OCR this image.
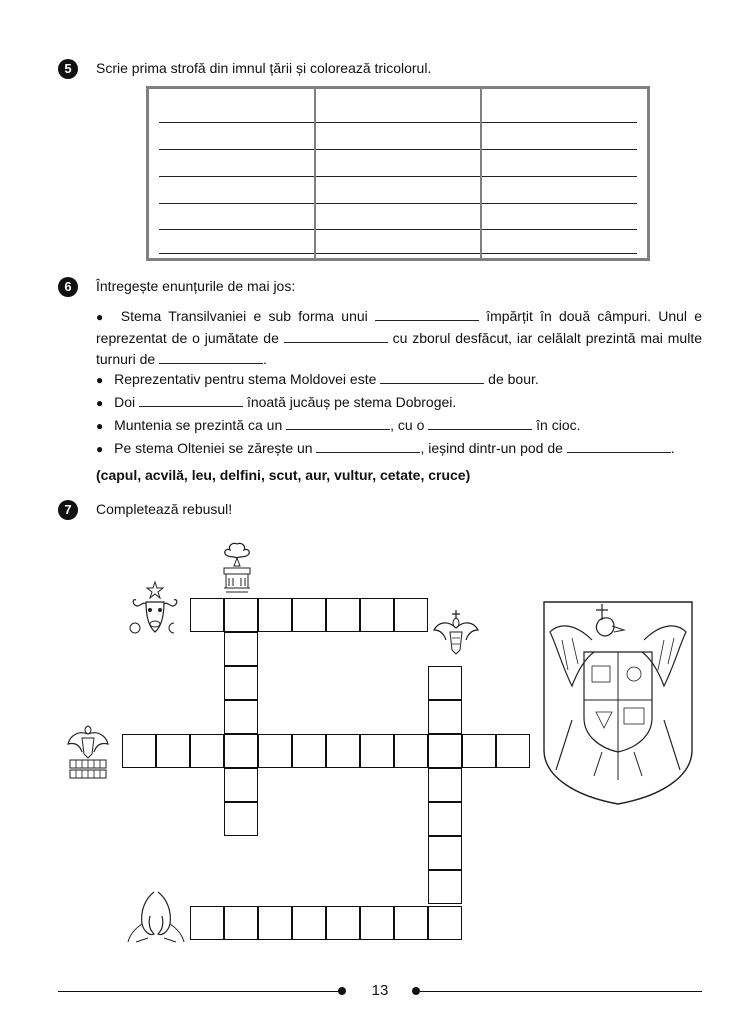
5	Scrie prima strofă din imnul țării și colorează tricolorul.
6	Întregește enunțurile de mai jos:
● Stema Transilvaniei e sub forma unui	împărțit în două câmpuri. Unul e reprezentat de o jumătate de	cu zborul desfăcut, iar celălalt prezintă mai multe turnuri de	.
● Reprezentativ pentru stema Moldovei este	de bour.
● Doi	înoată jucăuș pe stema Dobrogei.
● Muntenia se prezintă ca un	, cu o	în cioc.
● Pe stema Olteniei se zărește un	, ieșind dintr-un pod de	.
(capul, acvilă, leu, delfini, scut, aur, vultur, cetate, cruce)
7	Completează rebusul!
13
